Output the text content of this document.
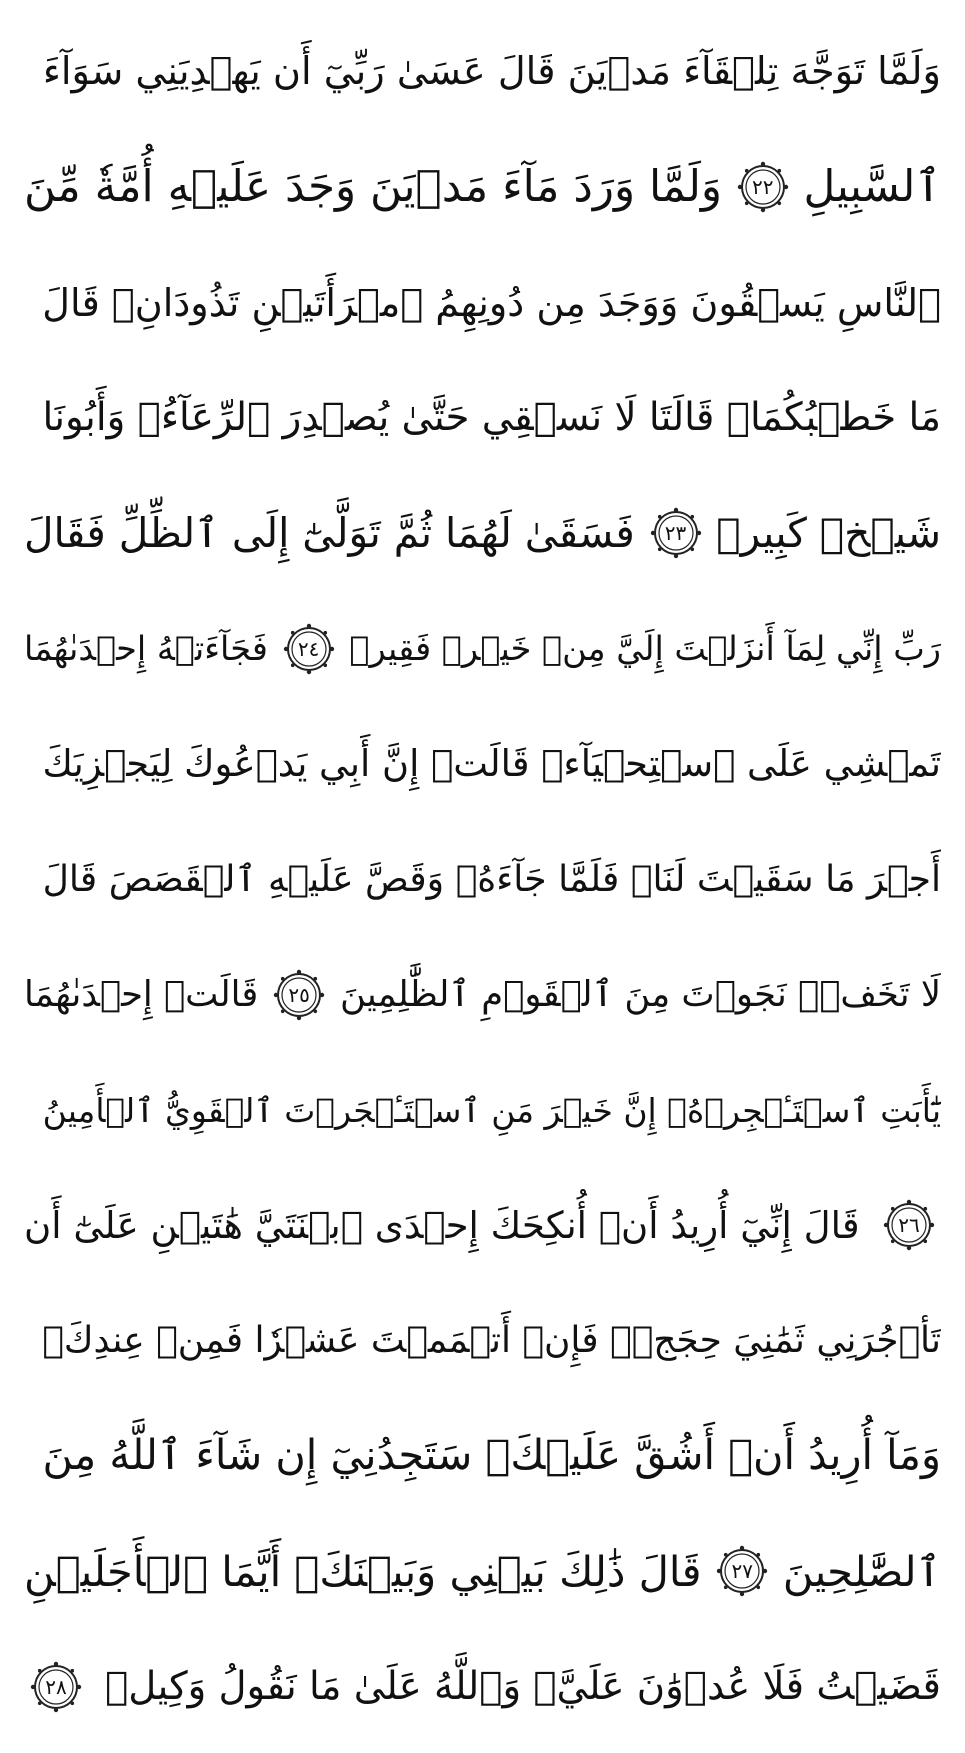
وَلَمَّا تَوَجَّهَ تِلۡقَآءَ مَدۡيَنَ قَالَ عَسَىٰ رَبِّيٓ أَن يَهۡدِيَنِي سَوَآءَ
ٱلسَّبِيلِ
٢٢
وَلَمَّا وَرَدَ مَآءَ مَدۡيَنَ وَجَدَ عَلَيۡهِ أُمَّةٗ مِّنَ
ٱلنَّاسِ يَسۡقُونَ وَوَجَدَ مِن دُونِهِمُ ٱمۡرَأَتَيۡنِ تَذُودَانِۖ قَالَ
مَا خَطۡبُكُمَاۖ قَالَتَا لَا نَسۡقِي حَتَّىٰ يُصۡدِرَ ٱلرِّعَآءُۖ وَأَبُونَا
شَيۡخٞ كَبِيرٞ
٢٣
فَسَقَىٰ لَهُمَا ثُمَّ تَوَلَّىٰٓ إِلَى ٱلظِّلِّ فَقَالَ
رَبِّ إِنِّي لِمَآ أَنزَلۡتَ إِلَيَّ مِنۡ خَيۡرٖ فَقِيرٞ
٢٤
فَجَآءَتۡهُ إِحۡدَىٰهُمَا
تَمۡشِي عَلَى ٱسۡتِحۡيَآءٖ قَالَتۡ إِنَّ أَبِي يَدۡعُوكَ لِيَجۡزِيَكَ
أَجۡرَ مَا سَقَيۡتَ لَنَاۚ فَلَمَّا جَآءَهُۥ وَقَصَّ عَلَيۡهِ ٱلۡقَصَصَ قَالَ
لَا تَخَفۡۖ نَجَوۡتَ مِنَ ٱلۡقَوۡمِ ٱلظَّٰلِمِينَ
٢٥
قَالَتۡ إِحۡدَىٰهُمَا
يَٰٓأَبَتِ ٱسۡتَـٔۡجِرۡهُۖ إِنَّ خَيۡرَ مَنِ ٱسۡتَـٔۡجَرۡتَ ٱلۡقَوِيُّ ٱلۡأَمِينُ
٢٦
قَالَ إِنِّيٓ أُرِيدُ أَنۡ أُنكِحَكَ إِحۡدَى ٱبۡنَتَيَّ هَٰتَيۡنِ عَلَىٰٓ أَن
تَأۡجُرَنِي ثَمَٰنِيَ حِجَجٖۖ فَإِنۡ أَتۡمَمۡتَ عَشۡرٗا فَمِنۡ عِندِكَۖ
وَمَآ أُرِيدُ أَنۡ أَشُقَّ عَلَيۡكَۚ سَتَجِدُنِيٓ إِن شَآءَ ٱللَّهُ مِنَ
ٱلصَّٰلِحِينَ
٢٧
قَالَ ذَٰلِكَ بَيۡنِي وَبَيۡنَكَۖ أَيَّمَا ٱلۡأَجَلَيۡنِ
قَضَيۡتُ فَلَا عُدۡوَٰنَ عَلَيَّۖ وَٱللَّهُ عَلَىٰ مَا نَقُولُ وَكِيلٞ
٢٨
